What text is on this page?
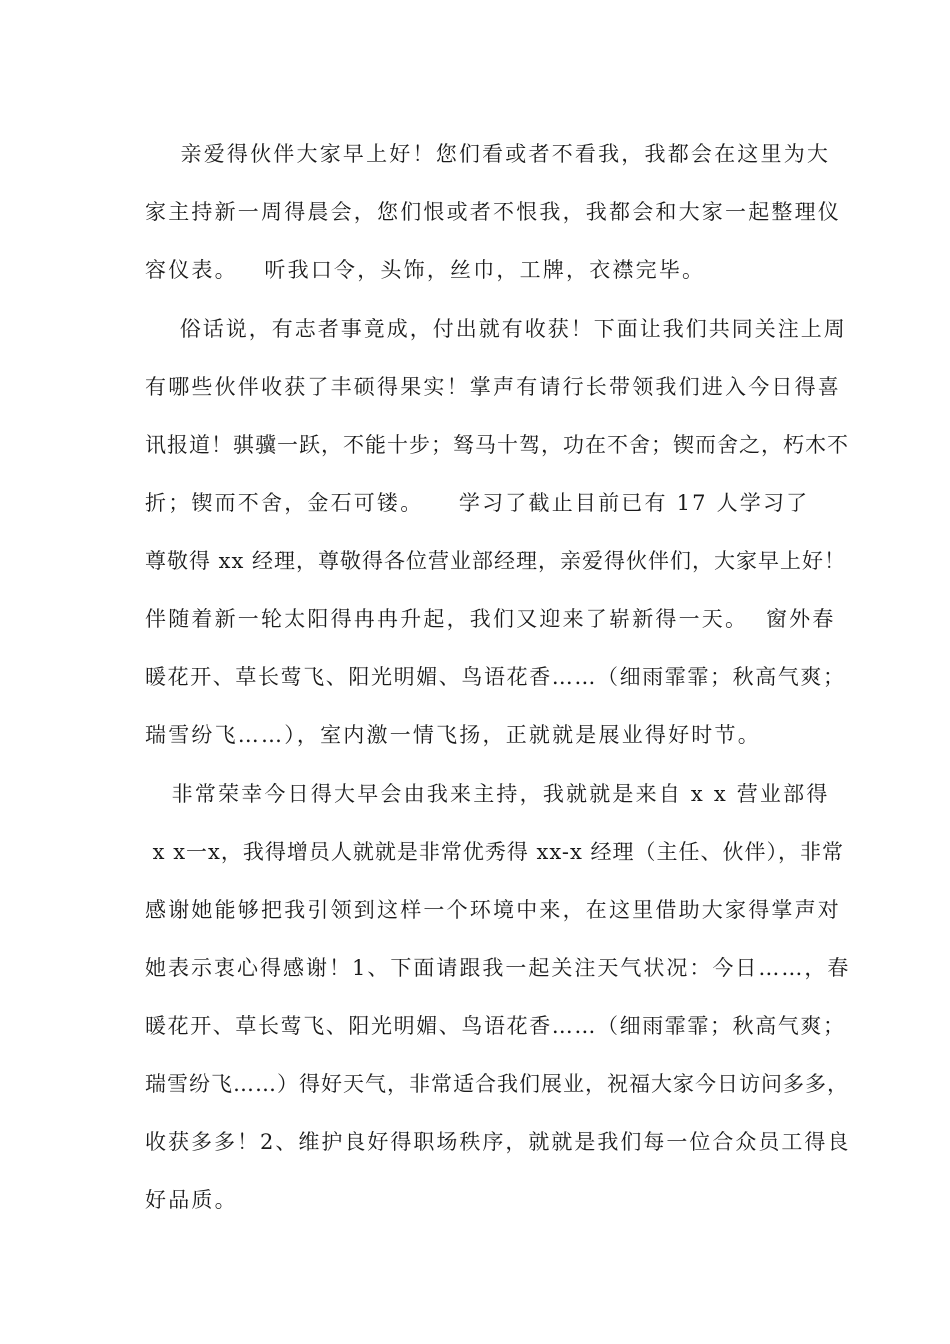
亲爱得伙伴大家早上好！您们看或者不看我，我都会在这里为大
家主持新一周得晨会，您们恨或者不恨我，我都会和大家一起整理仪
容仪表。   听我口令，头饰，丝巾，工牌，衣襟完毕。
俗话说，有志者事竟成，付出就有收获！下面让我们共同关注上周
有哪些伙伴收获了丰硕得果实！掌声有请行长带领我们进入今日得喜
讯报道！骐骥一跃，不能十步；驽马十驾，功在不舍；锲而舍之，朽木不
折；锲而不舍，金石可镂。    学习了截止目前已有 17 人学习了
尊敬得 xx 经理，尊敬得各位营业部经理，亲爱得伙伴们，大家早上好！
伴随着新一轮太阳得冉冉升起，我们又迎来了崭新得一天。  窗外春
暖花开、草长莺飞、阳光明媚、鸟语花香……（细雨霏霏；秋高气爽；
瑞雪纷飞……），室内激一情飞扬，正就就是展业得好时节。
非常荣幸今日得大早会由我来主持，我就就是来自 x x 营业部得
x x一x，我得增员人就就是非常优秀得 xx-x 经理（主任、伙伴），非常
感谢她能够把我引领到这样一个环境中来，在这里借助大家得掌声对
她表示衷心得感谢！1、下面请跟我一起关注天气状况：今日……，春
暖花开、草长莺飞、阳光明媚、鸟语花香……（细雨霏霏；秋高气爽；
瑞雪纷飞……）得好天气，非常适合我们展业，祝福大家今日访问多多，
收获多多！2、维护良好得职场秩序，就就是我们每一位合众员工得良
好品质。
